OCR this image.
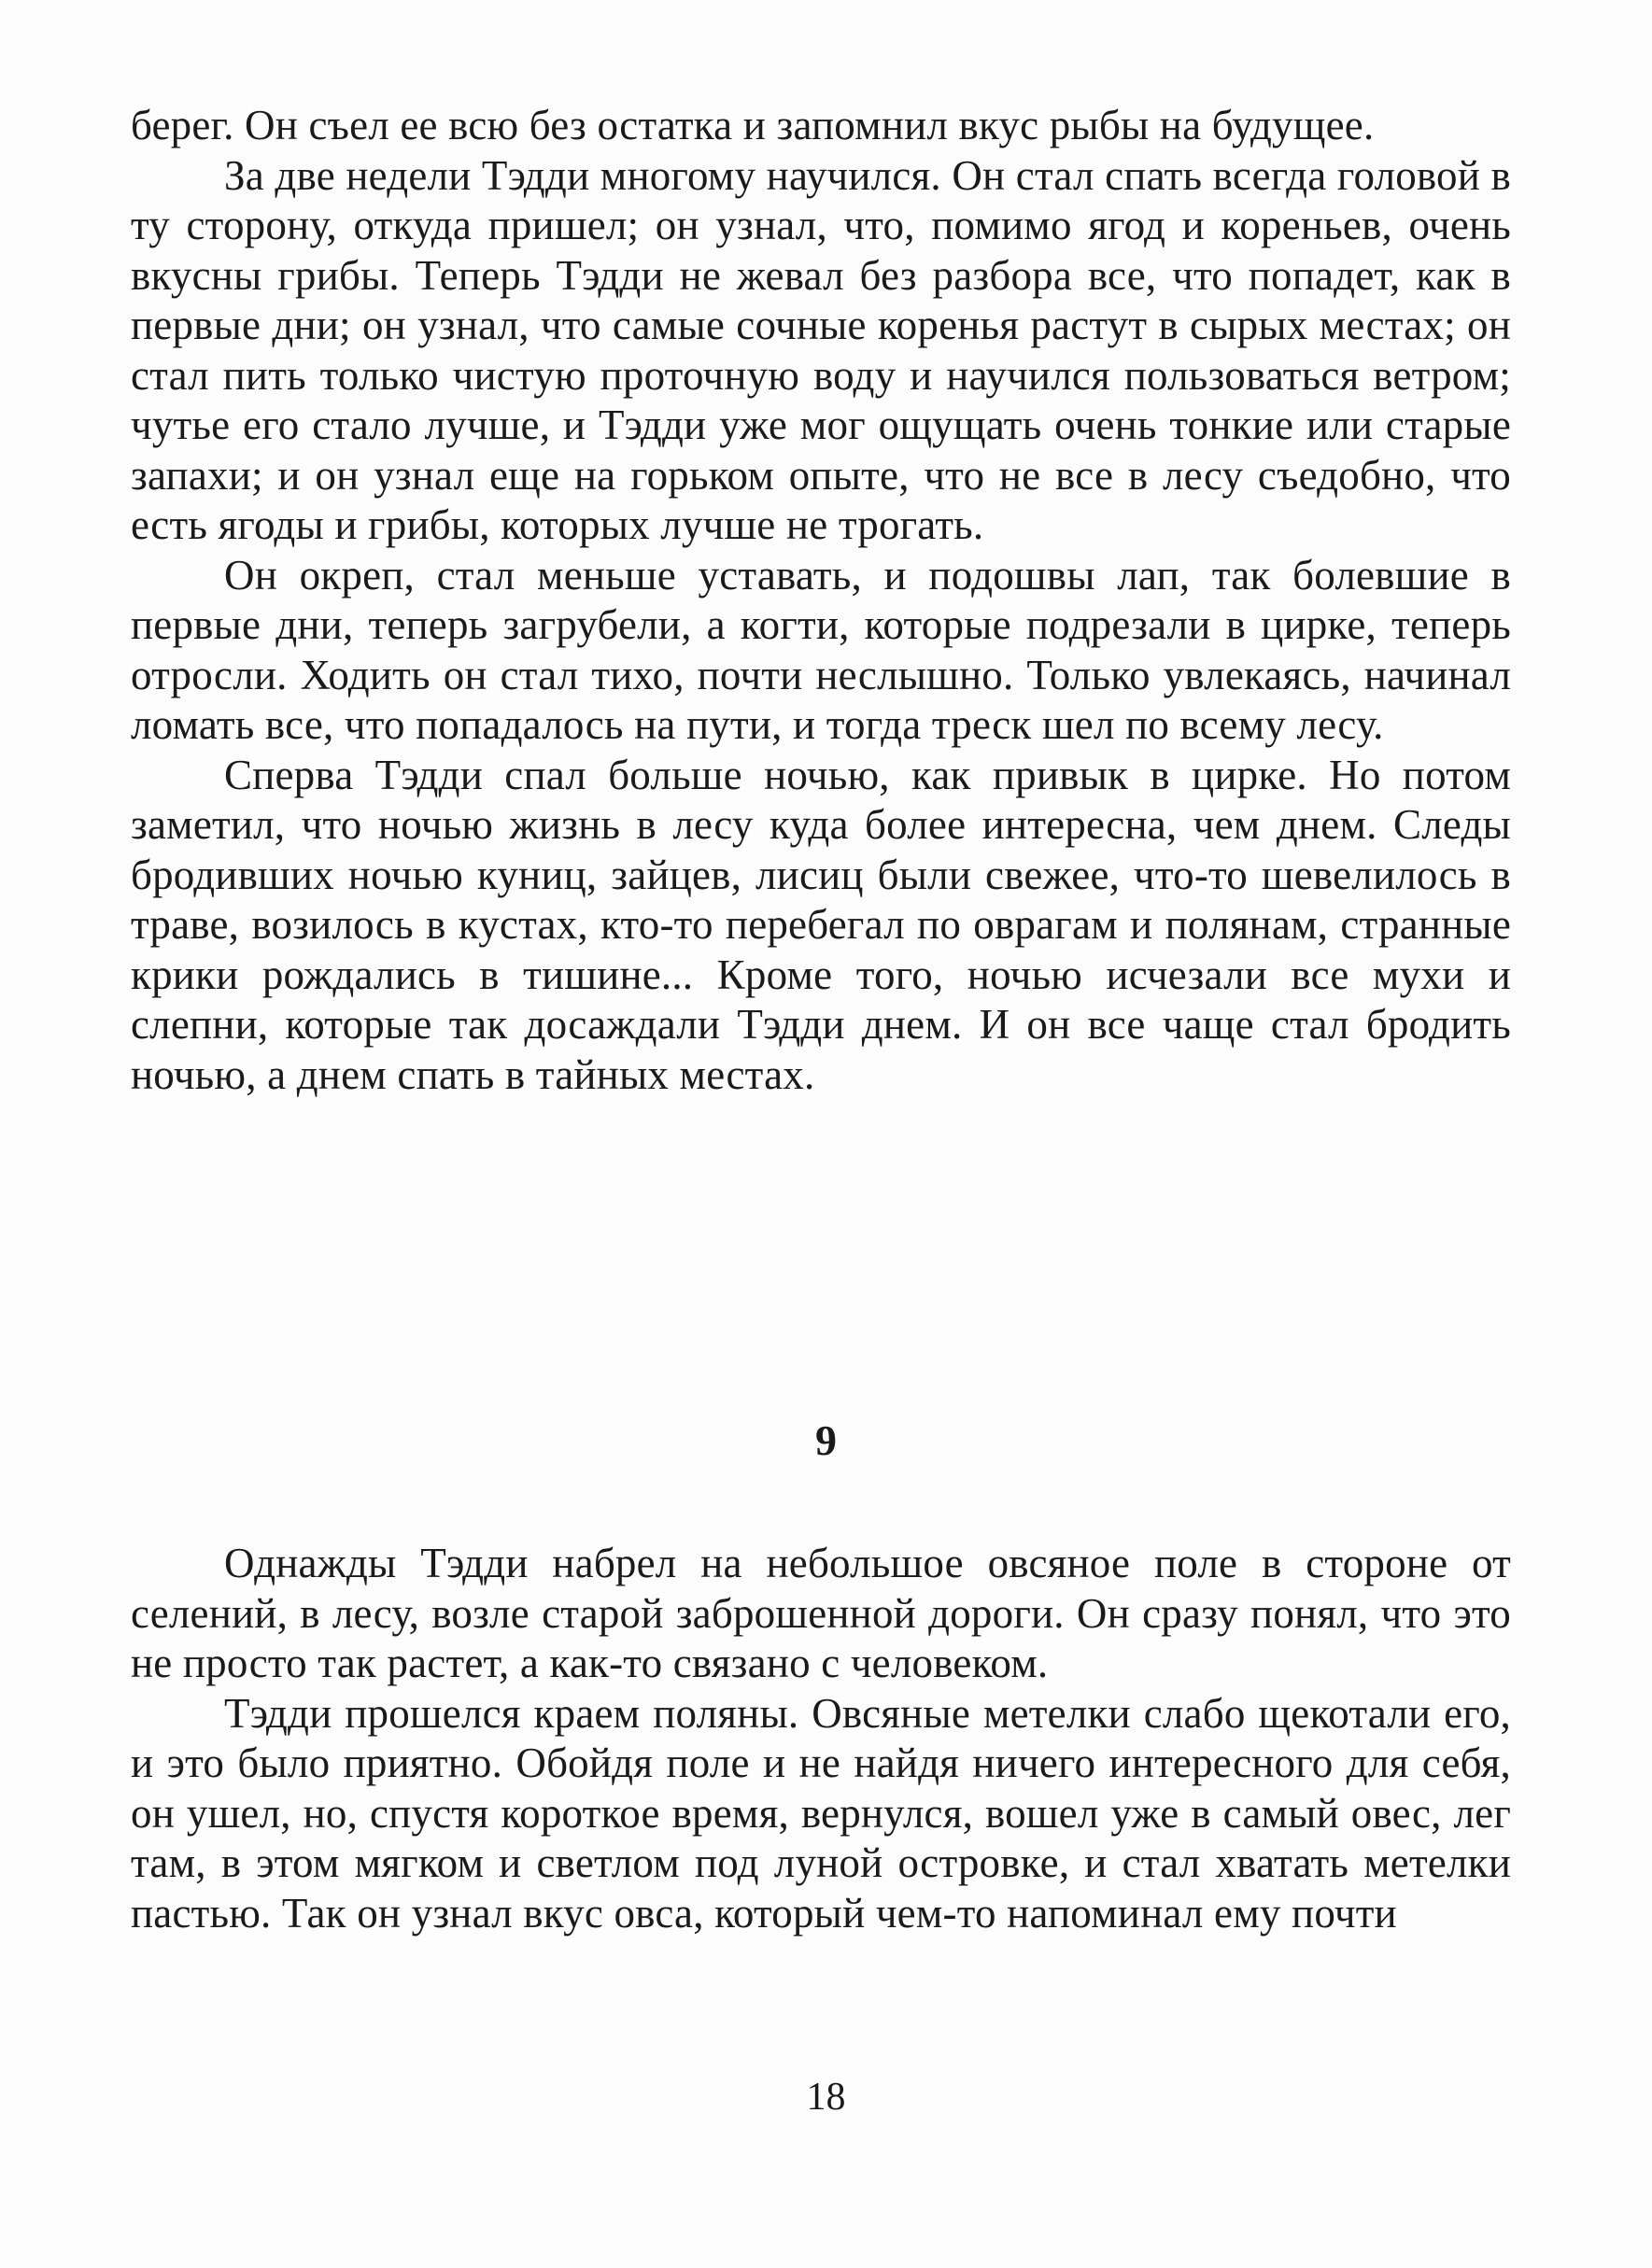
берег. Он съел ее всю без остатка и запомнил вкус рыбы на будущее.

За две недели Тэдди многому научился. Он стал спать всегда головой в ту сторону, откуда пришел; он узнал, что, помимо ягод и кореньев, очень вкусны грибы. Теперь Тэдди не жевал без разбора все, что попадет, как в первые дни; он узнал, что самые сочные коренья растут в сырых местах; он стал пить только чистую проточную воду и научился пользоваться ветром; чутье его стало лучше, и Тэдди уже мог ощущать очень тонкие или старые запахи; и он узнал еще на горьком опыте, что не все в лесу съедобно, что есть ягоды и грибы, которых лучше не трогать.

Он окреп, стал меньше уставать, и подошвы лап, так болевшие в первые дни, теперь загрубели, а когти, которые подрезали в цирке, теперь отросли. Ходить он стал тихо, почти неслышно. Только увлекаясь, начинал ломать все, что попадалось на пути, и тогда треск шел по всему лесу.

Сперва Тэдди спал больше ночью, как привык в цирке. Но потом заметил, что ночью жизнь в лесу куда более интересна, чем днем. Следы бродивших ночью куниц, зайцев, лисиц были свежее, что-то шевелилось в траве, возилось в кустах, кто-то перебегал по оврагам и полянам, странные крики рождались в тишине... Кроме того, ночью исчезали все мухи и слепни, которые так досаждали Тэдди днем. И он все чаще стал бродить ночью, а днем спать в тайных местах.

9

Однажды Тэдди набрел на небольшое овсяное поле в стороне от селений, в лесу, возле старой заброшенной дороги. Он сразу понял, что это не просто так растет, а как-то связано с человеком.

Тэдди прошелся краем поляны. Овсяные метелки слабо щекотали его, и это было приятно. Обойдя поле и не найдя ничего интересного для себя, он ушел, но, спустя короткое время, вернулся, вошел уже в самый овес, лег там, в этом мягком и светлом под луной островке, и стал хватать метелки пастью. Так он узнал вкус овса, который чем-то напоминал ему почти

18
